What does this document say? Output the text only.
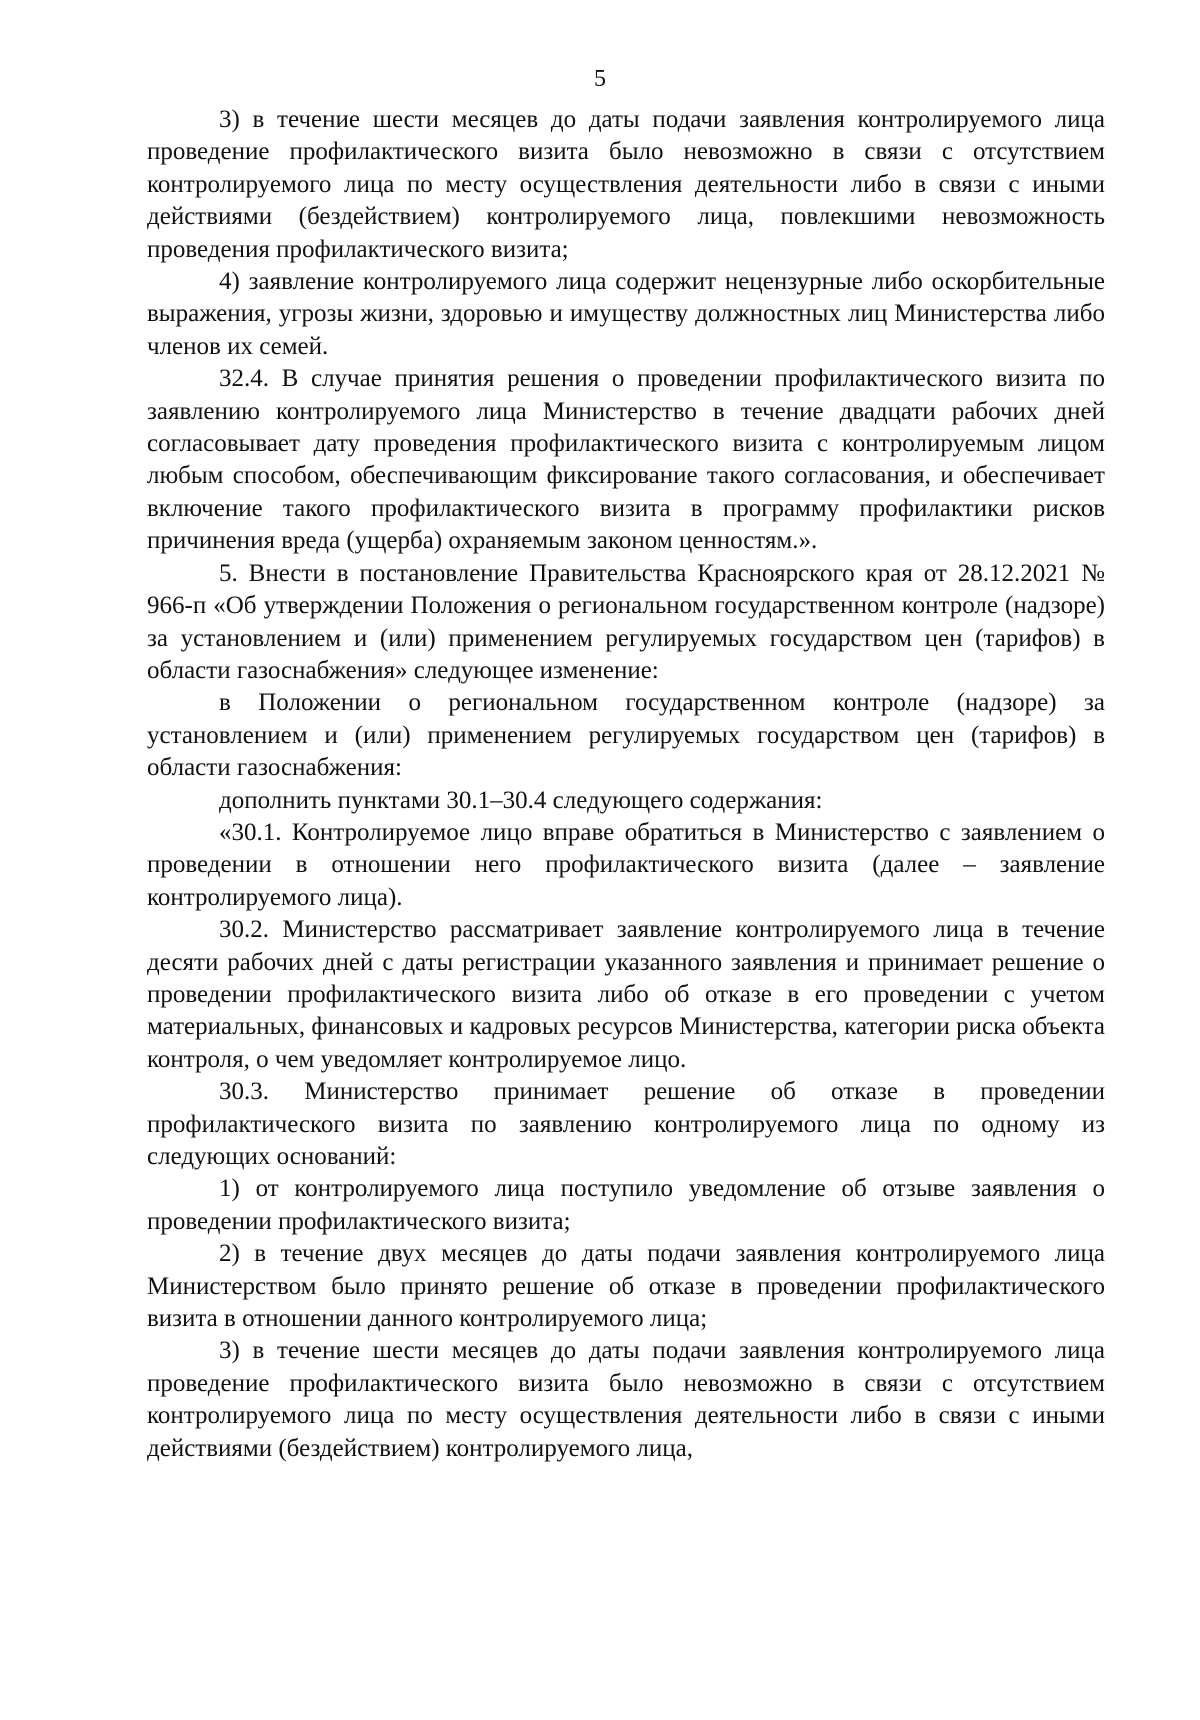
5

3) в течение шести месяцев до даты подачи заявления контролируемого лица проведение профилактического визита было невозможно в связи с отсутствием контролируемого лица по месту осуществления деятельности либо в связи с иными действиями (бездействием) контролируемого лица, повлекшими невозможность проведения профилактического визита;

4) заявление контролируемого лица содержит нецензурные либо оскорбительные выражения, угрозы жизни, здоровью и имуществу должностных лиц Министерства либо членов их семей.

32.4. В случае принятия решения о проведении профилактического визита по заявлению контролируемого лица Министерство в течение двадцати рабочих дней согласовывает дату проведения профилактического визита с контролируемым лицом любым способом, обеспечивающим фиксирование такого согласования, и обеспечивает включение такого профилактического визита в программу профилактики рисков причинения вреда (ущерба) охраняемым законом ценностям.».

5. Внести в постановление Правительства Красноярского края от 28.12.2021 № 966-п «Об утверждении Положения о региональном государственном контроле (надзоре) за установлением и (или) применением регулируемых государством цен (тарифов) в области газоснабжения» следующее изменение:

в Положении о региональном государственном контроле (надзоре) за установлением и (или) применением регулируемых государством цен (тарифов) в области газоснабжения:

дополнить пунктами 30.1–30.4 следующего содержания:

«30.1. Контролируемое лицо вправе обратиться в Министерство с заявлением о проведении в отношении него профилактического визита (далее – заявление контролируемого лица).

30.2. Министерство рассматривает заявление контролируемого лица в течение десяти рабочих дней с даты регистрации указанного заявления и принимает решение о проведении профилактического визита либо об отказе в его проведении с учетом материальных, финансовых и кадровых ресурсов Министерства, категории риска объекта контроля, о чем уведомляет контролируемое лицо.

30.3. Министерство принимает решение об отказе в проведении профилактического визита по заявлению контролируемого лица по одному из следующих оснований:

1) от контролируемого лица поступило уведомление об отзыве заявления о проведении профилактического визита;

2) в течение двух месяцев до даты подачи заявления контролируемого лица Министерством было принято решение об отказе в проведении профилактического визита в отношении данного контролируемого лица;

3) в течение шести месяцев до даты подачи заявления контролируемого лица проведение профилактического визита было невозможно в связи с отсутствием контролируемого лица по месту осуществления деятельности либо в связи с иными действиями (бездействием) контролируемого лица,
